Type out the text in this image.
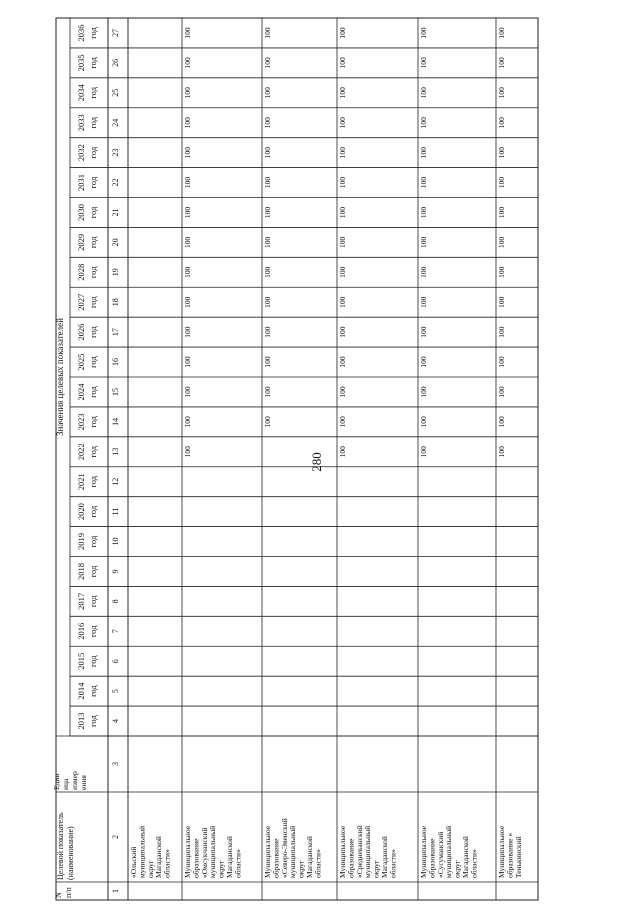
280
Значения целевых показателей
Целевой показатель (наименование)
Един ица измер ения
N п/п
2013 год
2014 год
2015 год
2016 год
2017 год
2018 год
2019 год
2020 год
2021 год
2022 год
2023 год
2024 год
2025 год
2026 год
2027 год
2028 год
2029 год
2030 год
2031 год
2032 год
2033 год
2034 год
2035 год
2036 год
1
2
3
4
5
6
7
8
9
10
11
12
13
14
15
16
17
18
19
20
21
22
23
24
25
26
27
«Ольский муниципальный округ Магаданской области» Муниципальное образование «Омсукчанский муниципальный округ Магаданской области»
100
100
100
100
100
100
100
100
100
100
100
100
100
100
100
Муниципальное образование «Северо-Эвенский муниципальный округ Магаданской области»
100
100
100
100
100
100
100
100
100
100
100
100
100
100
Муниципальное образование «Среднеканский муниципальный округ Магаданской области»
100
100
100
100
100
100
100
100
100
100
100
100
100
100
100
Муниципальное образование «Сусуманский муниципальный округ Магаданской области»
100
100
100
100
100
100
100
100
100
100
100
100
100
100
100
Муниципальное образование « Тенькинский
100
100
100
100
100
100
100
100
100
100
100
100
100
100
100
